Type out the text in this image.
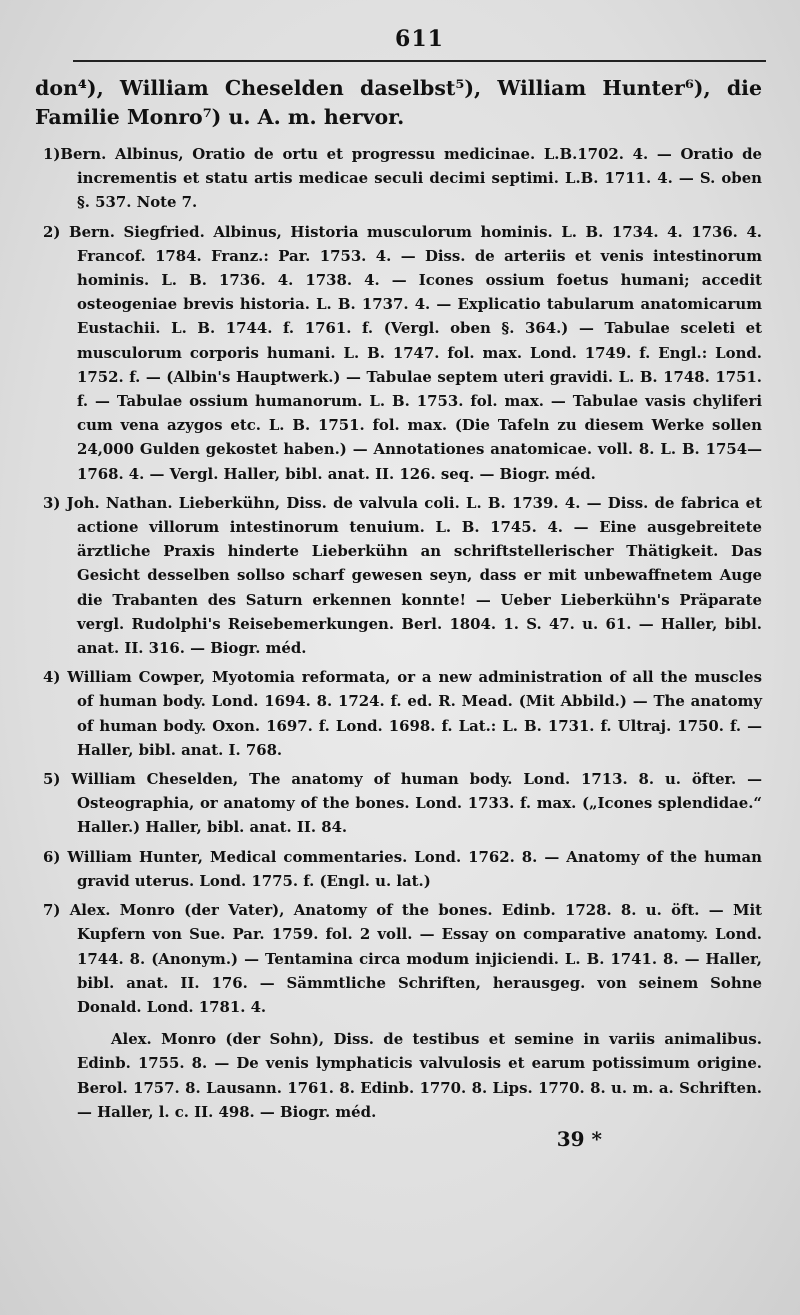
611
don⁴), William Cheselden daselbst⁵), William Hunter⁶), die Familie Monro⁷) u. A. m. hervor.
1)Bern. Albinus, Oratio de ortu et progressu medicinae. L.B.1702. 4. — Oratio de incrementis et statu artis medicae seculi decimi septimi. L.B. 1711. 4. — S. oben §. 537. Note 7.
2) Bern. Siegfried. Albinus, Historia musculorum hominis. L. B. 1734. 4. 1736. 4. Francof. 1784. Franz.: Par. 1753. 4. — Diss. de arteriis et venis intestinorum hominis. L. B. 1736. 4. 1738. 4. — Icones ossium foetus humani; accedit osteogeniae brevis historia. L. B. 1737. 4. — Explicatio tabularum anatomicarum Eustachii. L. B. 1744. f. 1761. f. (Vergl. oben §. 364.) — Tabulae sceleti et musculorum corporis humani. L. B. 1747. fol. max. Lond. 1749. f. Engl.: Lond. 1752. f. — (Albin's Hauptwerk.) — Tabulae septem uteri gravidi. L. B. 1748. 1751. f. — Tabulae ossium humanorum. L. B. 1753. fol. max. — Tabulae vasis chyliferi cum vena azygos etc. L. B. 1751. fol. max. (Die Tafeln zu diesem Werke sollen 24,000 Gulden gekostet haben.) — Annotationes anatomicae. voll. 8. L. B. 1754—1768. 4. — Vergl. Haller, bibl. anat. II. 126. seq. — Biogr. méd.
3) Joh. Nathan. Lieberkühn, Diss. de valvula coli. L. B. 1739. 4. — Diss. de fabrica et actione villorum intestinorum tenuium. L. B. 1745. 4. — Eine ausgebreitete ärztliche Praxis hinderte Lieberkühn an schriftstellerischer Thätigkeit. Das Gesicht desselben sollso scharf gewesen seyn, dass er mit unbewaffnetem Auge die Trabanten des Saturn erkennen konnte! — Ueber Lieberkühn's Präparate vergl. Rudolphi's Reisebemerkungen. Berl. 1804. 1. S. 47. u. 61. — Haller, bibl. anat. II. 316. — Biogr. méd.
4) William Cowper, Myotomia reformata, or a new administration of all the muscles of human body. Lond. 1694. 8. 1724. f. ed. R. Mead. (Mit Abbild.) — The anatomy of human body. Oxon. 1697. f. Lond. 1698. f. Lat.: L. B. 1731. f. Ultraj. 1750. f. — Haller, bibl. anat. I. 768.
5) William Cheselden, The anatomy of human body. Lond. 1713. 8. u. öfter. — Osteographia, or anatomy of the bones. Lond. 1733. f. max. („Icones splendidae.“ Haller.) Haller, bibl. anat. II. 84.
6) William Hunter, Medical commentaries. Lond. 1762. 8. — Anatomy of the human gravid uterus. Lond. 1775. f. (Engl. u. lat.)
7) Alex. Monro (der Vater), Anatomy of the bones. Edinb. 1728. 8. u. öft. — Mit Kupfern von Sue. Par. 1759. fol. 2 voll. — Essay on comparative anatomy. Lond. 1744. 8. (Anonym.) — Tentamina circa modum injiciendi. L. B. 1741. 8. — Haller, bibl. anat. II. 176. — Sämmtliche Schriften, herausgeg. von seinem Sohne Donald. Lond. 1781. 4.
Alex. Monro (der Sohn), Diss. de testibus et semine in variis animalibus. Edinb. 1755. 8. — De venis lymphaticis valvulosis et earum potissimum origine. Berol. 1757. 8. Lausann. 1761. 8. Edinb. 1770. 8. Lips. 1770. 8. u. m. a. Schriften. — Haller, l. c. II. 498. — Biogr. méd.
39 *
